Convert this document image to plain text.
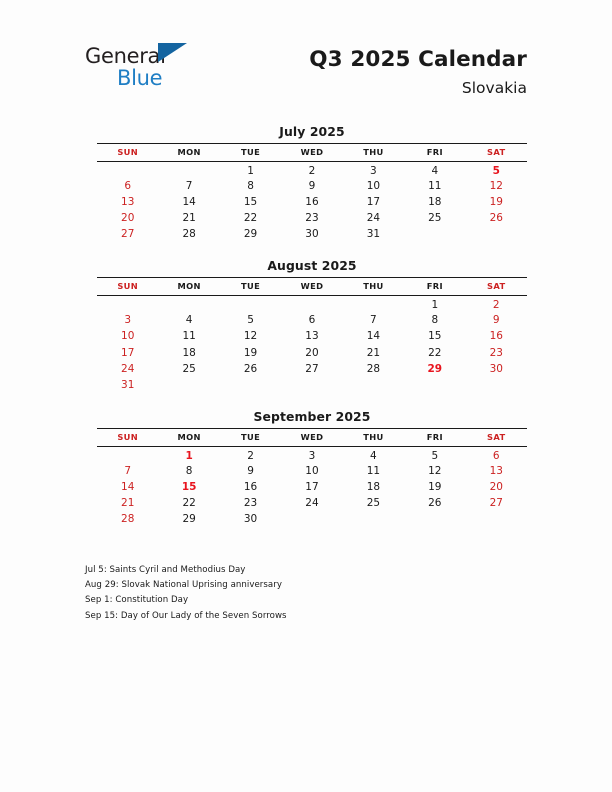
General
Blue
Q3 2025 Calendar
Slovakia
July 2025
SUN	MON	TUE	WED	THU	FRI	SAT
		1	2	3	4	5
6	7	8	9	10	11	12
13	14	15	16	17	18	19
20	21	22	23	24	25	26
27	28	29	30	31		
August 2025
SUN	MON	TUE	WED	THU	FRI	SAT
					1	2
3	4	5	6	7	8	9
10	11	12	13	14	15	16
17	18	19	20	21	22	23
24	25	26	27	28	29	30
31						
September 2025
SUN	MON	TUE	WED	THU	FRI	SAT
	1	2	3	4	5	6
7	8	9	10	11	12	13
14	15	16	17	18	19	20
21	22	23	24	25	26	27
28	29	30				
Jul 5: Saints Cyril and Methodius Day
Aug 29: Slovak National Uprising anniversary
Sep 1: Constitution Day
Sep 15: Day of Our Lady of the Seven Sorrows
